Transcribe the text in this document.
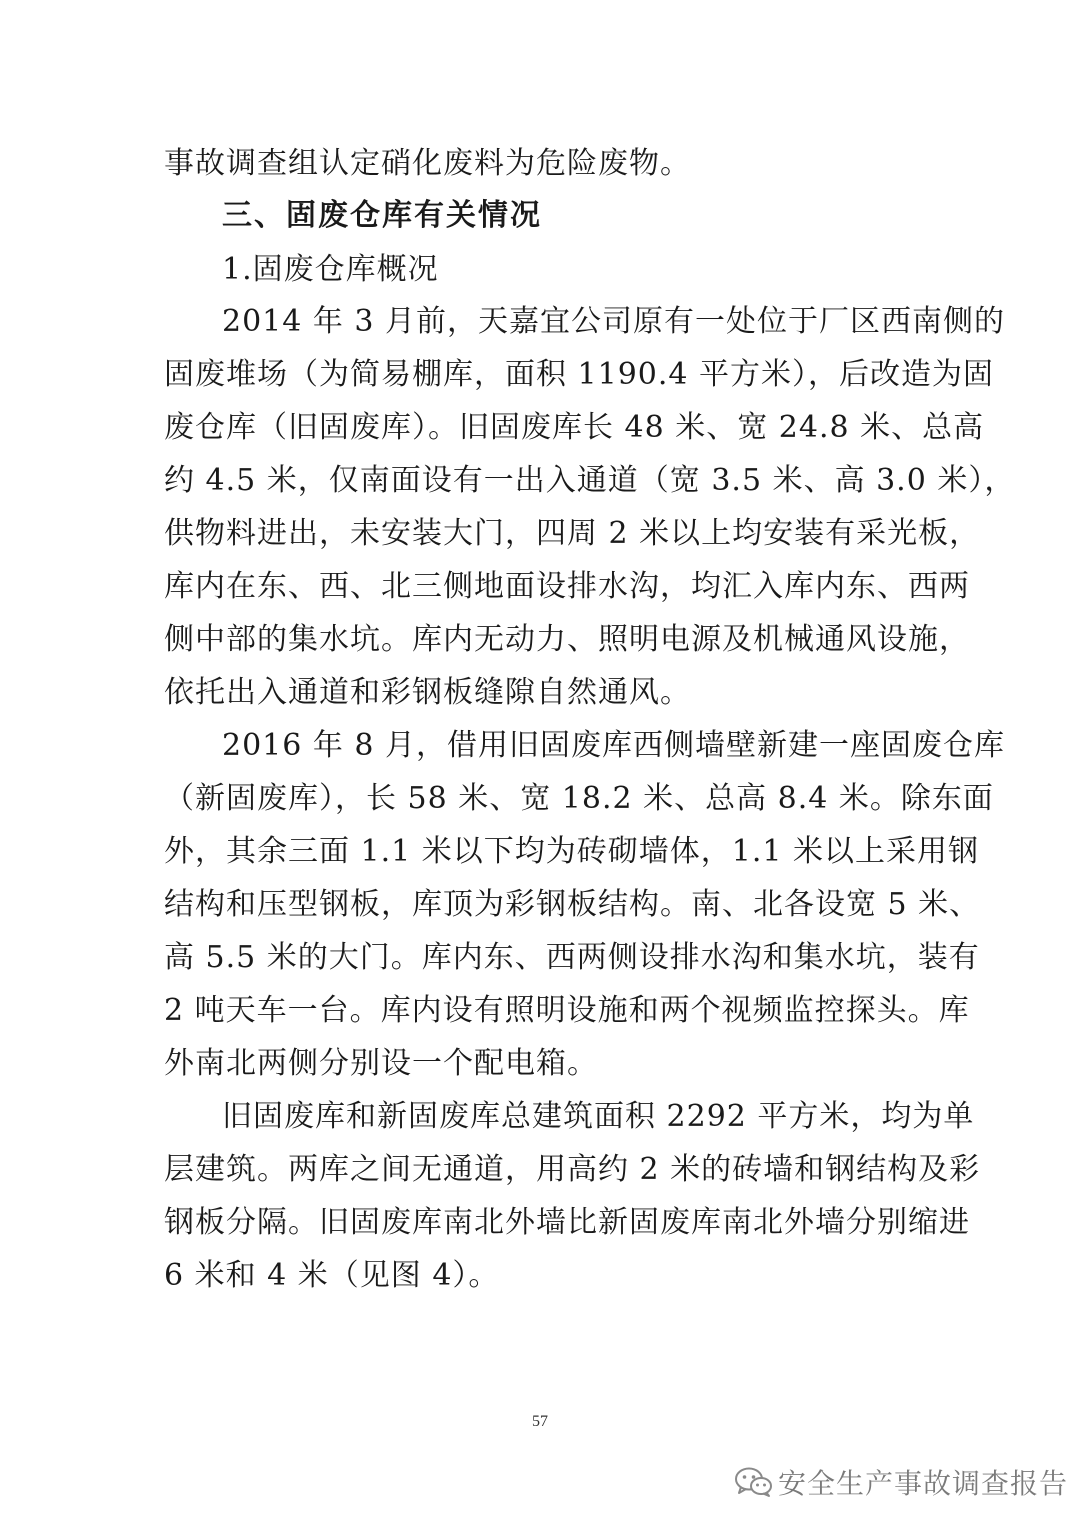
事故调查组认定硝化废料为危险废物。
三、固废仓库有关情况
1.固废仓库概况
2014 年 3 月前，天嘉宜公司原有一处位于厂区西南侧的
固废堆场（为简易棚库，面积 1190.4 平方米），后改造为固
废仓库（旧固废库）。旧固废库长 48 米、宽 24.8 米、总高
约 4.5 米，仅南面设有一出入通道（宽 3.5 米、高 3.0 米），
供物料进出，未安装大门，四周 2 米以上均安装有采光板，
库内在东、西、北三侧地面设排水沟，均汇入库内东、西两
侧中部的集水坑。库内无动力、照明电源及机械通风设施，
依托出入通道和彩钢板缝隙自然通风。
2016 年 8 月，借用旧固废库西侧墙壁新建一座固废仓库
（新固废库），长 58 米、宽 18.2 米、总高 8.4 米。除东面
外，其余三面 1.1 米以下均为砖砌墙体，1.1 米以上采用钢
结构和压型钢板，库顶为彩钢板结构。南、北各设宽 5 米、
高 5.5 米的大门。库内东、西两侧设排水沟和集水坑，装有
2 吨天车一台。库内设有照明设施和两个视频监控探头。库
外南北两侧分别设一个配电箱。
旧固废库和新固废库总建筑面积 2292 平方米，均为单
层建筑。两库之间无通道，用高约 2 米的砖墙和钢结构及彩
钢板分隔。旧固废库南北外墙比新固废库南北外墙分别缩进
6 米和 4 米（见图 4）。
57
安全生产事故调查报告
